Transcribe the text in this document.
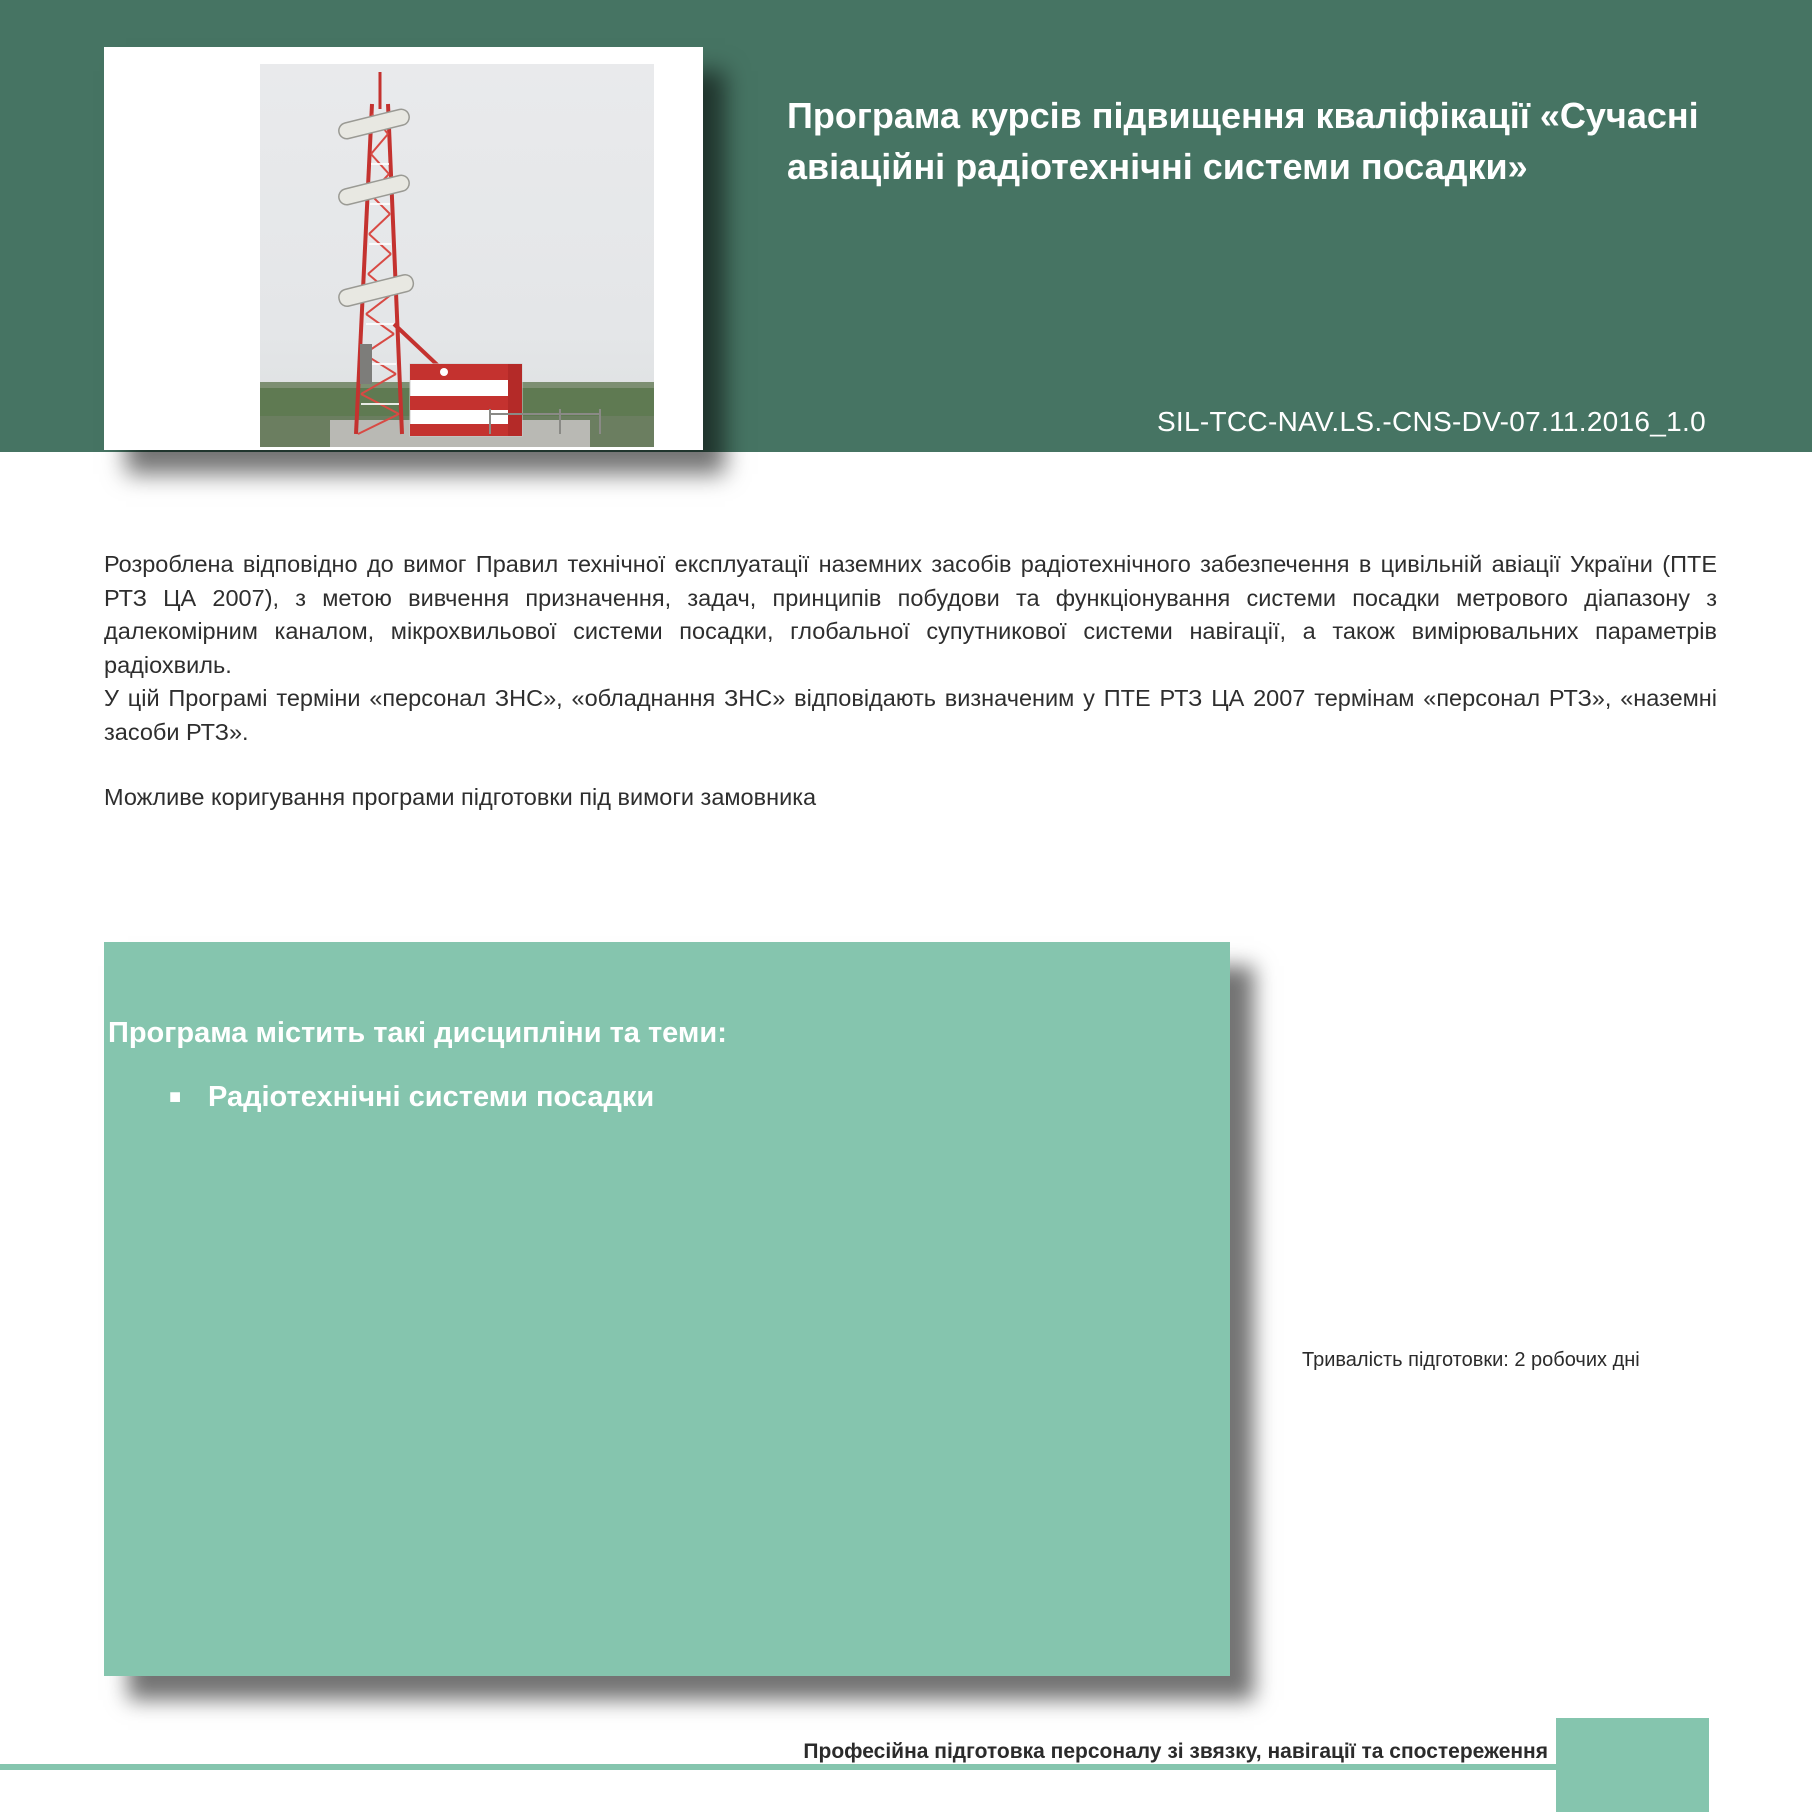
Програма курсів підвищення кваліфікації «Сучасні авіаційні радіотехнічні системи посадки»
SIL-TCC-NAV.LS.-CNS-DV-07.11.2016_1.0

Розроблена відповідно до вимог Правил технічної експлуатації наземних засобів радіотехнічного забезпечення в цивільній авіації України (ПТЕ РТЗ ЦА 2007), з метою вивчення призначення, задач, принципів побудови та функціонування системи посадки метрового діапазону з далекомірним каналом, мікрохвильової системи посадки, глобальної супутникової системи навігації, а також вимірювальних параметрів радіохвиль.

У цій Програмі терміни «персонал ЗНС», «обладнання ЗНС» відповідають визначеним у ПТЕ РТЗ ЦА 2007 термінам «персонал РТЗ», «наземні засоби РТЗ».

Можливе коригування програми підготовки під вимоги замовника
Програма містить такі дисципліни та теми:
■ Радіотехнічні системи посадки
Тривалість підготовки: 2 робочих дні
Професійна підготовка персоналу зі звязку, навігації та спостереження
